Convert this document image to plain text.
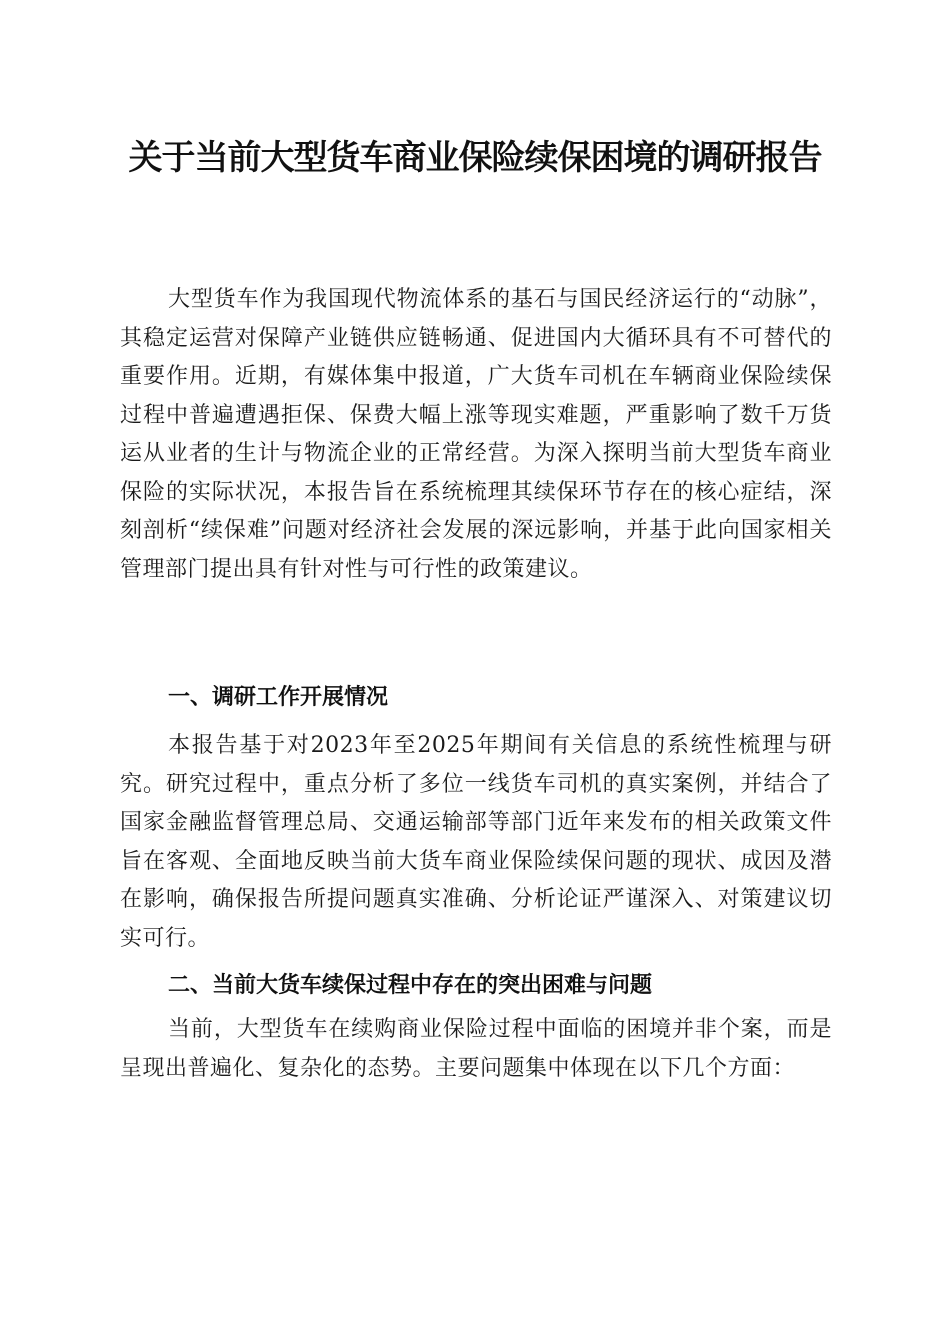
关于当前大型货车商业保险续保困境的调研报告

大型货车作为我国现代物流体系的基石与国民经济运行的“动脉”，其稳定运营对保障产业链供应链畅通、促进国内大循环具有不可替代的重要作用。近期，有媒体集中报道，广大货车司机在车辆商业保险续保过程中普遍遭遇拒保、保费大幅上涨等现实难题，严重影响了数千万货运从业者的生计与物流企业的正常经营。为深入探明当前大型货车商业保险的实际状况，本报告旨在系统梳理其续保环节存在的核心症结，深刻剖析“续保难”问题对经济社会发展的深远影响，并基于此向国家相关管理部门提出具有针对性与可行性的政策建议。

一、调研工作开展情况

本报告基于对2023年至2025年期间有关信息的系统性梳理与研究。研究过程中，重点分析了多位一线货车司机的真实案例，并结合了国家金融监督管理总局、交通运输部等部门近年来发布的相关政策文件旨在客观、全面地反映当前大货车商业保险续保问题的现状、成因及潜在影响，确保报告所提问题真实准确、分析论证严谨深入、对策建议切实可行。

二、当前大货车续保过程中存在的突出困难与问题

当前，大型货车在续购商业保险过程中面临的困境并非个案，而是呈现出普遍化、复杂化的态势。主要问题集中体现在以下几个方面：
